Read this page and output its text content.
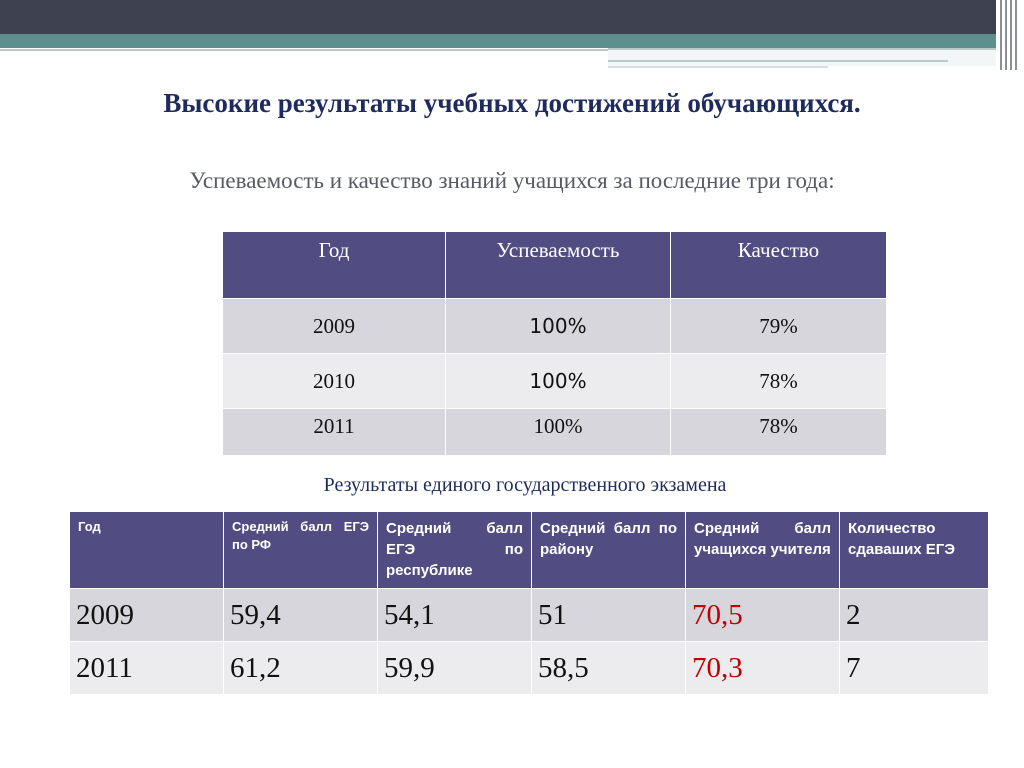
Высокие результаты учебных достижений обучающихся.
Успеваемость и качество знаний учащихся за последние три года:
Год	Успеваемость	Качество
2009	100%	79%
2010	100%	78%
2011	100%	78%
Результаты единого государственного экзамена
Год	Средний балл ЕГЭ по РФ	Средний балл ЕГЭ по республике	Средний балл по району	Средний балл учащихся учителя	Количество сдаваших ЕГЭ
2009	59,4	54,1	51	70,5	2
2011	61,2	59,9	58,5	70,3	7
